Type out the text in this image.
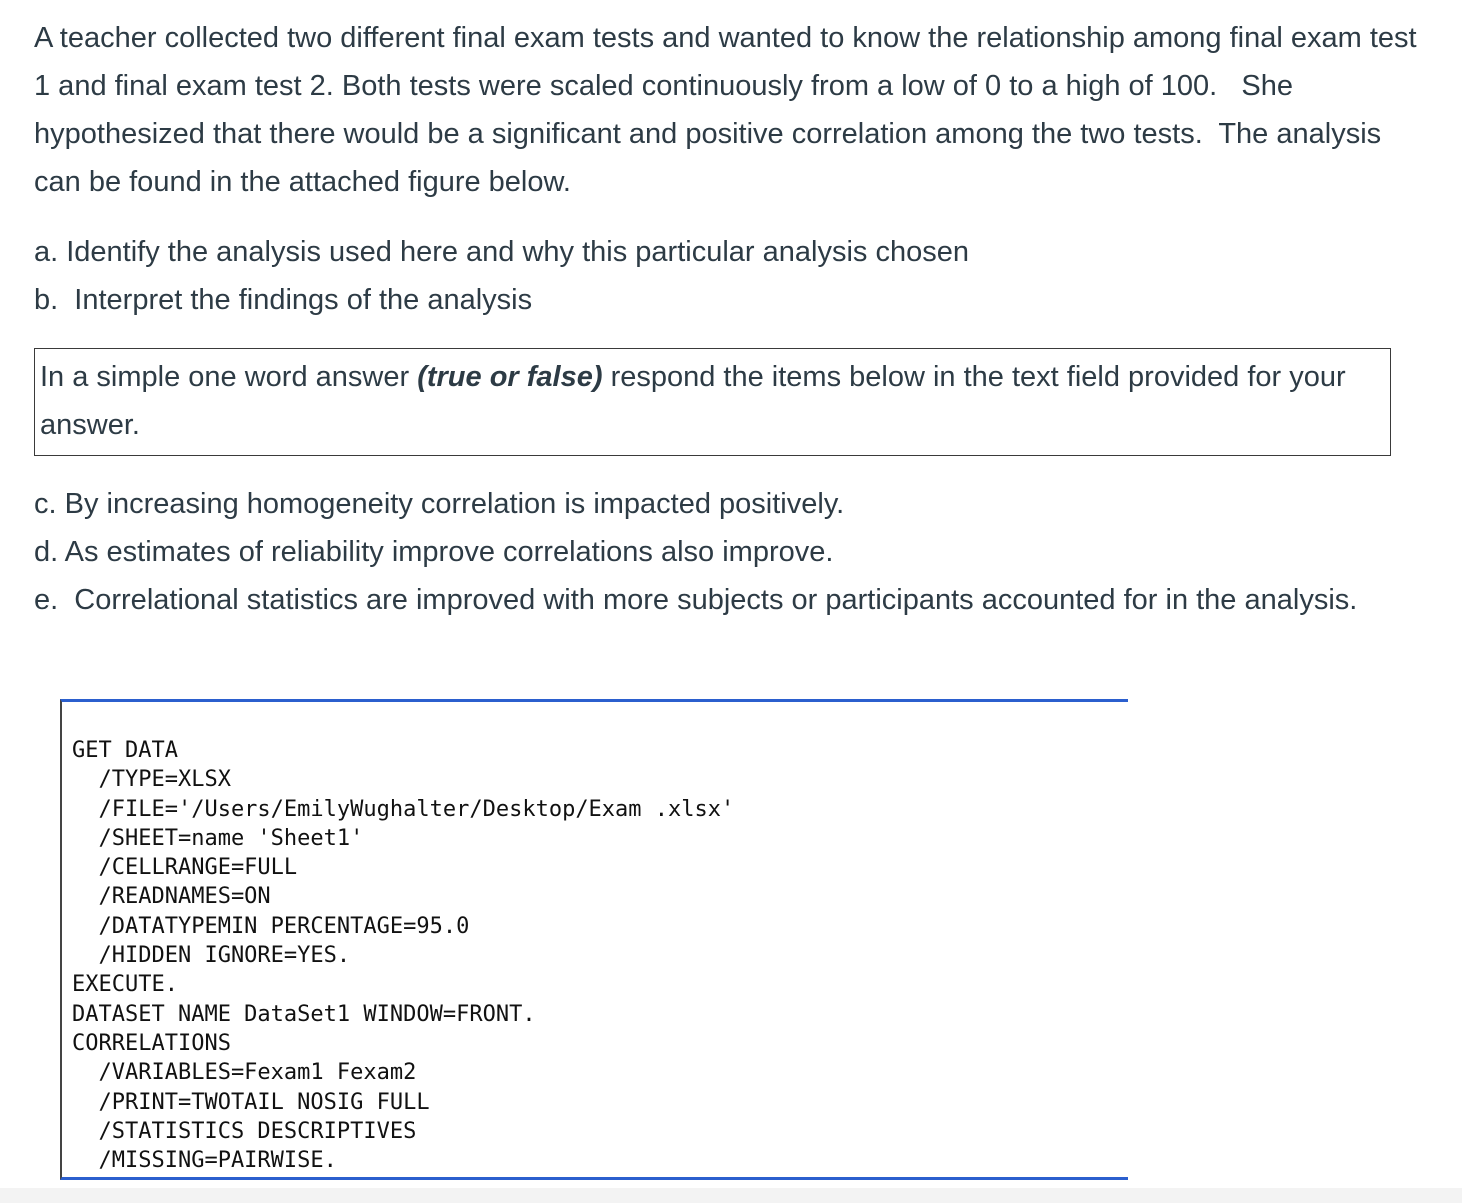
A teacher collected two different final exam tests and wanted to know the relationship among final exam test 1 and final exam test 2. Both tests were scaled continuously from a low of 0 to a high of 100.   She hypothesized that there would be a significant and positive correlation among the two tests.  The analysis can be found in the attached figure below.

a. Identify the analysis used here and why this particular analysis chosen
b.  Interpret the findings of the analysis

In a simple one word answer (true or false) respond the items below in the text field provided for your answer.

c. By increasing homogeneity correlation is impacted positively.
d. As estimates of reliability improve correlations also improve.
e.  Correlational statistics are improved with more subjects or participants accounted for in the analysis.

GET DATA
/TYPE=XLSX
/FILE='/Users/EmilyWughalter/Desktop/Exam .xlsx'
/SHEET=name 'Sheet1'
/CELLRANGE=FULL
/READNAMES=ON
/DATATYPEMIN PERCENTAGE=95.0
/HIDDEN IGNORE=YES.
EXECUTE.
DATASET NAME DataSet1 WINDOW=FRONT.
CORRELATIONS
/VARIABLES=Fexam1 Fexam2
/PRINT=TWOTAIL NOSIG FULL
/STATISTICS DESCRIPTIVES
/MISSING=PAIRWISE.
